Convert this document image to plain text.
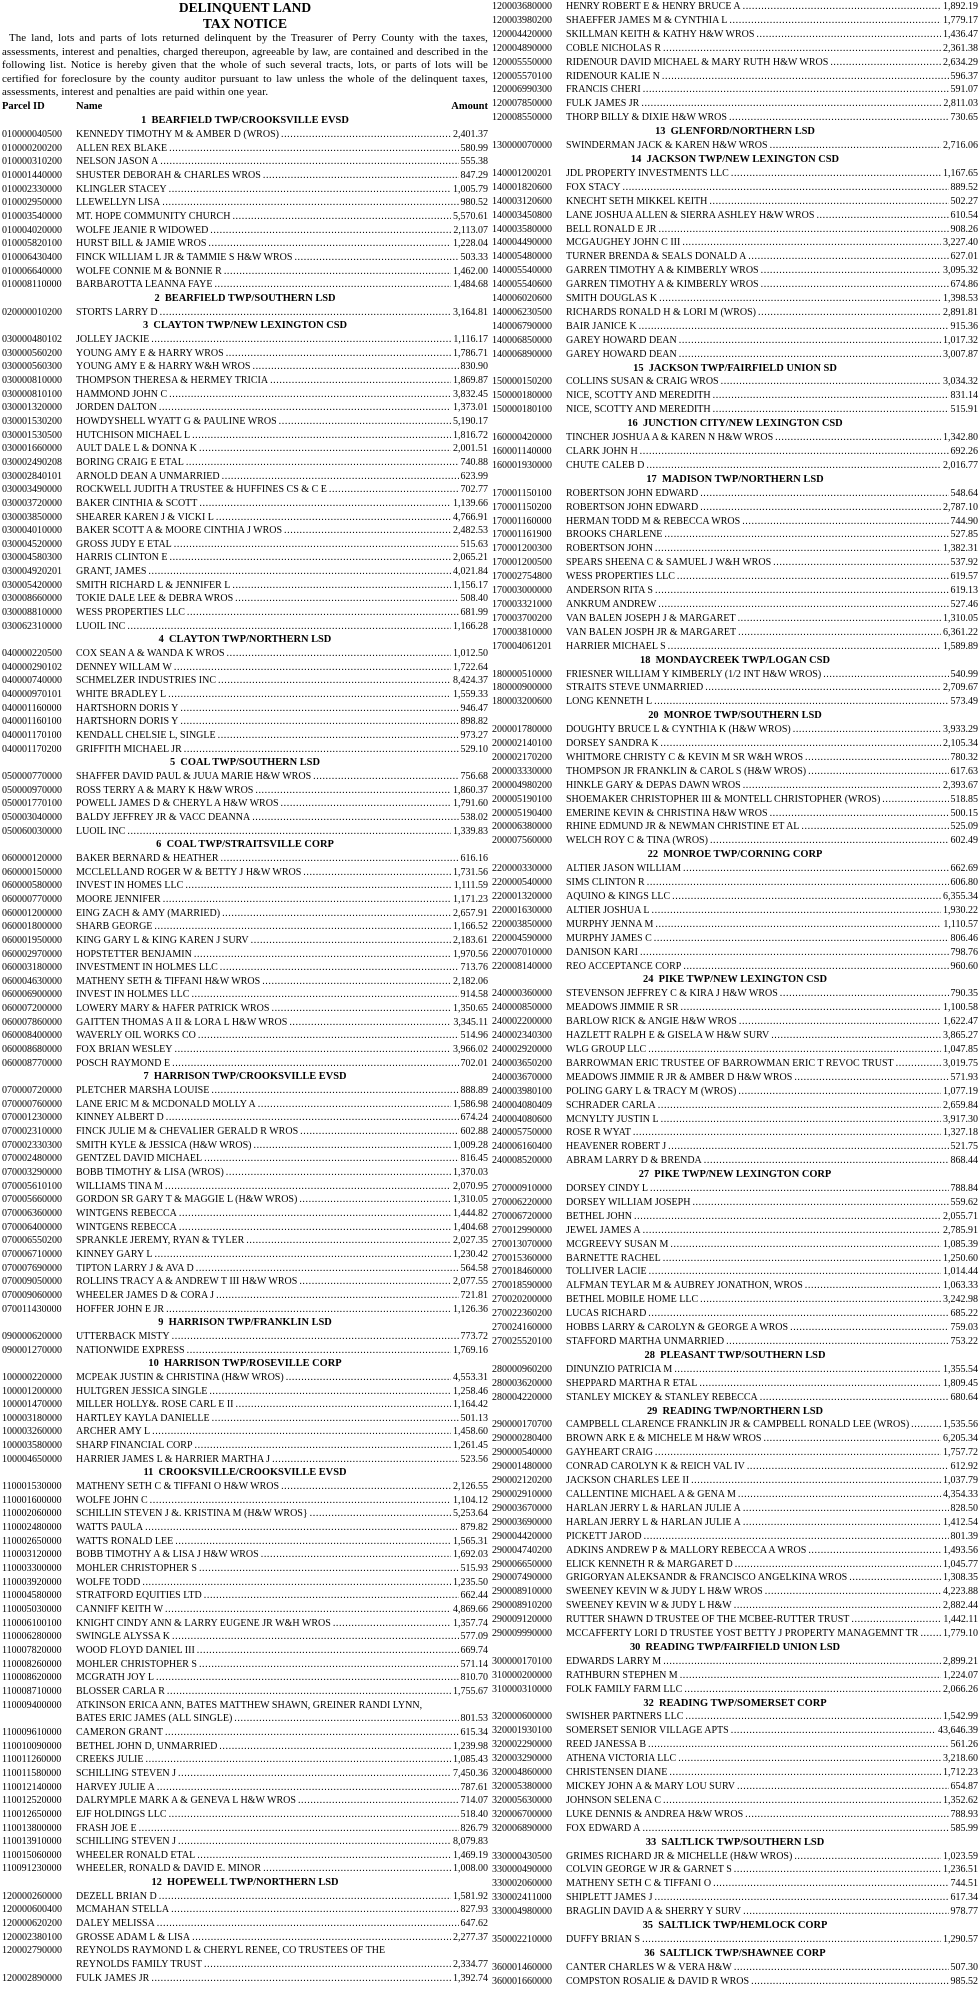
DELINQUENT LAND
TAX NOTICE
The land, lots and parts of lots returned delinquent by the Treasurer of Perry County with the taxes, assessments, interest and penalties, charged thereupon, agreeable by law, are contained and described in the following list. Notice is hereby given that the whole of such several tracts, lots, or parts of lots will be certified for foreclosure by the county auditor pursuant to law unless the whole of the delinquent taxes, assessments, interest and penalties are paid within one year.
Parcel ID	Name	Amount
1  BEARFIELD TWP/CROOKSVILLE EVSD
010000040500	KENNEDY TIMOTHY M & AMBER D (WROS) .....	2,401.37
010000200200	ALLEN REX BLAKE .....	580.99
010000310200	NELSON JASON A .....	555.38
010001440000	SHUSTER DEBORAH & CHARLES WROS .....	847.29
010002330000	KLINGLER STACEY .....	1,005.79
010002950000	LLEWELLYN LISA .....	980.52
010003540000	MT. HOPE COMMUNITY CHURCH .....	5,570.61
010004020000	WOLFE JEANIE R WIDOWED .....	2,113.07
010005820100	HURST BILL & JAMIE WROS .....	1,228.04
010006430400	FINCK WILLIAM L JR & TAMMIE S H&W WROS .....	503.33
010006640000	WOLFE CONNIE M & BONNIE R .....	1,462.00
010008110000	BARBAROTTA LEANNA FAYE .....	1,484.68
2  BEARFIELD TWP/SOUTHERN LSD
020000010200	STORTS LARRY D .....	3,164.81
3  CLAYTON TWP/NEW LEXINGTON CSD
030000480102	JOLLEY JACKIE .....	1,116.17
030000560200	YOUNG AMY E & HARRY WROS .....	1,786.71
030000560300	YOUNG AMY E & HARRY W&H WROS .....	830.90
030000810000	THOMPSON THERESA & HERMEY TRICIA .....	1,869.87
030000810100	HAMMOND JOHN C .....	3,832.45
030001320000	JORDEN DALTON .....	1,373.01
030001530200	HOWDYSHELL WYATT G & PAULINE WROS .....	5,190.17
030001530500	HUTCHISON MICHAEL L .....	1,816.72
030001660000	AULT DALE L & DONNA K .....	2,001.51
030002490208	BORING CRAIG E ETAL .....	740.88
030002840101	ARNOLD DEAN A UNMARRIED .....	623.99
030003490000	ROCKWELL JUDITH A TRUSTEE & HUFFINES CS & C E .....	702.77
030003720000	BAKER CINTHIA & SCOTT .....	1,139.66
030003850000	SHEARER KAREN J & VICKI L .....	4,766.91
030004010000	BAKER SCOTT A & MOORE CINTHIA J WROS .....	2,482.53
030004520000	GROSS JUDY E ETAL .....	515.63
030004580300	HARRIS CLINTON E .....	2,065.21
030004920201	GRANT, JAMES .....	4,021.84
030005420000	SMITH RICHARD L & JENNIFER L .....	1,156.17
030008660000	TOKIE DALE LEE & DEBRA WROS .....	508.40
030008810000	WESS PROPERTIES LLC .....	681.99
030062310000	LUOIL INC .....	1,166.28
4  CLAYTON TWP/NORTHERN LSD
040000220500	COX SEAN A & WANDA K WROS .....	1,012.50
040000290102	DENNEY WILLAM W .....	1,722.64
040000740000	SCHMELZER INDUSTRIES INC .....	8,424.37
040000970101	WHITE BRADLEY L .....	1,559.33
040001160000	HARTSHORN DORIS Y .....	946.47
040001160100	HARTSHORN DORIS Y .....	898.82
040001170100	KENDALL CHELSIE L, SINGLE .....	973.27
040001170200	GRIFFITH MICHAEL JR .....	529.10
5  COAL TWP/SOUTHERN LSD
050000770000	SHAFFER DAVID PAUL & JUUA MARIE H&W WROS .....	756.68
050000970000	ROSS TERRY A & MARY K H&W WROS .....	1,860.37
050001770100	POWELL JAMES D & CHERYL A H&W WROS .....	1,791.60
050003040000	BALDY JEFFREY JR & VACC DEANNA .....	538.02
050060030000	LUOIL INC .....	1,339.83
6  COAL TWP/STRAITSVILLE CORP
060000120000	BAKER BERNARD & HEATHER .....	616.16
060000150000	MCCLELLAND ROGER W & BETTY J H&W WROS .....	1,731.56
060000580000	INVEST IN HOMES LLC .....	1,111.59
060000770000	MOORE JENNIFER .....	1,171.23
060001200000	EING ZACH & AMY (MARRIED) .....	2,657.91
060001800000	SHARB GEORGE .....	1,166.52
060001950000	KING GARY L & KING KAREN J SURV .....	2,183.61
060002970000	HOPSTETTER BENJAMIN .....	1,970.56
060003180000	INVESTMENT IN HOLMES LLC .....	713.76
060004630000	MATHENY SETH & TIFFANI H&W WROS .....	2,182.06
060006900000	INVEST IN HOLMES LLC .....	914.58
060007200000	LOWERY MARY & HAFER PATRICK WROS .....	1,350.65
060007860000	GAITTEN THOMAS A II & LORA L H&W WROS .....	3,345.11
060008400000	WAVERLY OIL WORKS CO .....	514.96
060008680000	FOX BRIAN WESLEY .....	3,966.02
060008770000	POSCH RAYMOND E .....	702.01
7  HARRISON TWP/CROOKSVILLE EVSD
070000720000	PLETCHER MARSHA LOUISE .....	888.89
070000760000	LANE ERIC M & MCDONALD MOLLY A .....	1,586.98
070001230000	KINNEY ALBERT D .....	674.24
070002310000	FINCK JULIE M & CHEVALIER GERALD R WROS .....	602.88
070002330300	SMITH KYLE & JESSICA (H&W WROS) .....	1,009.28
070002480000	GENTZEL DAVID MICHAEL .....	816.45
070003290000	BOBB TIMOTHY & LISA (WROS) .....	1,370.03
070005610100	WILLIAMS TINA M .....	2,070.95
070005660000	GORDON SR GARY T & MAGGIE L (H&W WROS) .....	1,310.05
070006360000	WINTGENS REBECCA .....	1,444.82
070006400000	WINTGENS REBECCA .....	1,404.68
070006550200	SPRANKLE JEREMY, RYAN & TYLER .....	2,027.35
070006710000	KINNEY GARY L .....	1,230.42
070007690000	TIPTON LARRY J & AVA D .....	564.58
070009050000	ROLLINS TRACY A & ANDREW T III H&W WROS .....	2,077.55
070009060000	WHEELER JAMES D & CORA J .....	721.81
070011430000	HOFFER JOHN E JR .....	1,126.36
9  HARRISON TWP/FRANKLIN LSD
090000620000	UTTERBACK MISTY .....	773.72
090001270000	NATIONWIDE EXPRESS .....	1,769.16
10  HARRISON TWP/ROSEVILLE CORP
100000220000	MCPEAK JUSTIN & CHRISTINA (H&W WROS) .....	4,553.31
100001200000	HULTGREN JESSICA SINGLE .....	1,258.46
100001470000	MILLER HOLLY&. ROSE CARL E II .....	1,164.42
100003180000	HARTLEY KAYLA DANIELLE .....	501.13
100003260000	ARCHER AMY L .....	1,458.60
100003580000	SHARP FINANCIAL CORP .....	1,261.45
100004650000	HARRIER JAMES L & HARRIER MARTHA J .....	523.56
11  CROOKSVILLE/CROOKSVILLE EVSD
110001530000	MATHENY SETH C & TIFFANI O H&W WROS .....	2,126.55
110001600000	WOLFE JOHN C .....	1,104.12
110002060000	SCHILLIN STEVEN J &. KRISTINA M (H&W WROS} .....	5,253.64
110002480000	WATTS PAULA .....	879.82
110002650000	WATTS RONALD LEE .....	1,565.31
110003120000	BOBB TIMOTHY A & LISA J H&W WROS .....	1,692.03
110003300000	MOHLER CHRISTOPHER S .....	515.93
110003920000	WOLFE TODD .....	1,235.50
110004580000	STRATFORD EQUITIES LTD .....	662.44
110005030000	CANNIFF KEITH W .....	4,869.66
110006100100	KNIGHT CINDY ANN & LARRY EUGENE JR W&H WROS .....	1,357.74
110006280000	SWINGLE ALYSSA K .....	577.09
110007820000	WOOD FLOYD DANIEL III .....	669.74
110008260000	MOHLER CHRISTOPHER S .....	571.14
110008620000	MCGRATH JOY L .....	810.70
110008710000	BLOSSER CARLA R .....	1,755.67
110009400000	ATKINSON ERICA ANN, BATES MATTHEW SHAWN, GREINER RANDI LYNN,
BATES ERIC JAMES (ALL SINGLE) .....	801.53
110009610000	CAMERON GRANT .....	615.34
110010090000	BETHEL JOHN D, UNMARRIED .....	1,239.98
110011260000	CREEKS JULIE .....	1,085.43
110011580000	SCHILLING STEVEN J .....	7,450.36
110012140000	HARVEY JULIE A .....	787.61
110012520000	DALRYMPLE MARK A & GENEVA L H&W WROS .....	714.07
110012650000	EJF HOLDINGS LLC .....	518.40
110013800000	FRASH JOE E .....	826.79
110013910000	SCHILLING STEVEN J .....	8,079.83
110015060000	WHEELER RONALD ETAL .....	1,469.19
110091230000	WHEELER, RONALD & DAVID E. MINOR .....	1,008.00
12  HOPEWELL TWP/NORTHERN LSD
120000260000	DEZELL BRIAN D .....	1,581.92
120000600400	MCMAHAN STELLA .....	827.93
120000620200	DALEY MELISSA .....	647.62
120002380100	GROSSE ADAM L & LISA .....	2,277.37
120002790000	REYNOLDS RAYMOND L & CHERYL RENEE, CO TRUSTEES OF THE
REYNOLDS FAMILY TRUST .....	2,334.77
120002890000	FULK JAMES JR .....	1,392.74
120003680000	HENRY ROBERT E & HENRY BRUCE A .....	1,892.19
120003980200	SHAEFFER JAMES M & CYNTHIA L .....	1,779.17
120004420000	SKILLMAN KEITH & KATHY H&W WROS .....	1,436.47
120004890000	COBLE NICHOLAS R .....	2,361.38
120005550000	RIDENOUR DAVID MICHAEL & MARY RUTH H&W WROS .....	2,634.29
120005570100	RIDENOUR KALIE N .....	596.37
120006990300	FRANCIS CHERI .....	591.07
120007850000	FULK JAMES JR .....	2,811.03
120008550000	THORP BILLY & DIXIE H&W WROS .....	730.65
13  GLENFORD/NORTHERN LSD
130000070000	SWINDERMAN JACK & KAREN H&W WROS .....	2,716.06
14  JACKSON TWP/NEW LEXINGTON CSD
140001200201	JDL PROPERTY INVESTMENTS LLC .....	1,167.65
140001820600	FOX STACY .....	889.52
140003120600	KNECHT SETH MIKKEL KEITH .....	502.27
140003450800	LANE JOSHUA ALLEN & SIERRA ASHLEY H&W WROS .....	610.54
140003580000	BELL RONALD E JR .....	908.26
140004490000	MCGAUGHEY JOHN C III .....	3,227.40
140005480000	TURNER BRENDA & SEALS DONALD A .....	627.01
140005540000	GARREN TIMOTHY A & KIMBERLY WROS .....	3,095.32
140005540600	GARREN TIMOTHY A & KIMBERLY WROS .....	674.86
140006020600	SMITH DOUGLAS K .....	1,398.53
140006230500	RICHARDS RONALD H & LORI M (WROS) .....	2,891.81
140006790000	BAIR JANICE K .....	915.36
140006850000	GAREY HOWARD DEAN .....	1,017.32
140006890000	GAREY HOWARD DEAN .....	3,007.87
15  JACKSON TWP/FAIRFIELD UNION SD
150000150200	COLLINS SUSAN & CRAIG WROS .....	3,034.32
150000180000	NICE, SCOTTY AND MEREDITH .....	831.14
150000180100	NICE, SCOTTY AND MEREDITH .....	515.91
16  JUNCTION CITY/NEW LEXINGTON CSD
160000420000	TINCHER JOSHUA A & KAREN N H&W WROS .....	1,342.80
160001140000	CLARK JOHN H .....	692.26
160001930000	CHUTE CALEB D .....	2,016.77
17  MADISON TWP/NORTHERN LSD
170001150100	ROBERTSON JOHN EDWARD .....	548.64
170001150200	ROBERTSON JOHN EDWARD .....	2,787.10
170001160000	HERMAN TODD M & REBECCA WROS .....	744.90
170001161900	BROOKS CHARLENE .....	527.85
170001200300	ROBERTSON JOHN .....	1,382.31
170001200500	SPEARS SHEENA C & SAMUEL J W&H WROS .....	537.92
170002754800	WESS PROPERTIES LLC .....	619.57
170003000000	ANDERSON RITA S .....	619.13
170003321000	ANKRUM ANDREW .....	527.46
170003700200	VAN BALEN JOSEPH J & MARGARET .....	1,310.05
170003810000	VAN BALEN JOSPH JR & MARGARET .....	6,361.22
170004061201	HARRIER MICHAEL S .....	1,589.89
18  MONDAYCREEK TWP/LOGAN CSD
180000510000	FRIESNER WILLIAM Y KIMBERLY (1/2 INT H&W WROS) .....	540.99
180000900000	STRAITS STEVE UNMARRIED .....	2,709.67
180003200600	LONG KENNETH L .....	573.49
20  MONROE TWP/SOUTHERN LSD
200001780000	DOUGHTY BRUCE L & CYNTHIA K (H&W WROS) .....	3,933.29
200002140100	DORSEY SANDRA K .....	2,105.34
200002170200	WHITMORE CHRISTY C & KEVIN M SR W&H WROS .....	780.32
200003330000	THOMPSON JR FRANKLIN & CAROL S (H&W WROS) .....	617.63
200004980200	HINKLE GARY & DEPAS DAWN WROS .....	2,393.67
200005190100	SHOEMAKER CHRISTOPHER III & MONTELL CHRISTOPHER (WROS) .....	518.85
200005190400	EMERINE KEVIN & CHRISTINA H&W WROS .....	500.15
200006380000	RHINE EDMUND JR & NEWMAN CHRISTINE ET AL .....	525.09
200007560000	WELCH ROY C & TINA (WROS) .....	602.49
22  MONROE TWP/CORNING CORP
220000330000	ALTIER JASON WILLIAM .....	662.69
220000540000	SIMS CLINTON R .....	606.80
220001320000	AQUINO & KINGS LLC .....	6,355.34
220001630000	ALTIER JOSHUA L .....	1,930.22
220003850000	MURPHY JENNA M .....	1,110.57
220004590000	MURPHY JAMES C .....	806.46
220007010000	DANISON KARI .....	798.76
220008140000	REO ACCEPTANCE CORP .....	960.60
24  PIKE TWP/NEW LEXINGTON CSD
240000360000	STEVENSON JEFFREY C & KIRA J H&W WROS .....	790.35
240000850000	MEADOWS JIMMIE R SR .....	1,100.58
240002200000	BARLOW RICK & ANGIE H&W WROS .....	1,622.47
240002340300	HAZLETT RALPH E & GISELA W H&W SURV .....	3,865.27
240002920000	WLG GROUP LLC .....	1,047.85
240003650200	BARROWMAN ERIC TRUSTEE OF BARROWMAN ERIC T REVOC TRUST .....	3,019.75
240003670000	MEADOWS JIMMIE R JR & AMBER D H&W WROS .....	571.93
240003980100	POLING GARY L & TRACY M (WROS) .....	1,077.19
240004080409	SCHRADER CARLA .....	2,659.84
240004080600	MCNYLTY JUSTIN L .....	3,917.30
240005750000	ROSE R WYAT .....	1,327.18
240006160400	HEAVENER ROBERT J .....	521.75
240008520000	ABRAM LARRY D & BRENDA .....	868.44
27  PIKE TWP/NEW LEXINGTON CORP
270000910000	DORSEY CINDY L .....	788.84
270006220000	DORSEY WILLIAM JOSEPH .....	559.62
270006720000	BETHEL JOHN .....	2,055.71
270012990000	JEWEL JAMES A .....	2,785.91
270013070000	MCGREEVY SUSAN M .....	1,085.39
270015360000	BARNETTE RACHEL .....	1,250.60
270018460000	TOLLIVER LACIE .....	1,014.44
270018590000	ALFMAN TEYLAR M & AUBREY JONATHON, WROS .....	1,063.33
270020200000	BETHEL MOBILE HOME LLC .....	3,242.98
270022360200	LUCAS RICHARD .....	685.22
270024160000	HOBBS LARRY & CAROLYN & GEORGE A WROS .....	759.03
270025520100	STAFFORD MARTHA UNMARRIED .....	753.22
28  PLEASANT TWP/SOUTHERN LSD
280000960200	DINUNZIO PATRICIA M .....	1,355.54
280003620000	SHEPPARD MARTHA R ETAL .....	1,809.45
280004220000	STANLEY MICKEY & STANLEY REBECCA .....	680.64
29  READING TWP/NORTHERN LSD
290000170700	CAMPBELL CLARENCE FRANKLIN JR & CAMPBELL RONALD LEE (WROS) .....	1,535.56
290000280400	BROWN ARK E & MICHELE M H&W WROS .....	6,205.34
290000540000	GAYHEART CRAIG .....	1,757.72
290001480000	CONRAD CAROLYN K & REICH VAL IV .....	612.92
290002120200	JACKSON CHARLES LEE II .....	1,037.79
290002910000	CALLENTINE MICHAEL A & GENA M .....	4,354.33
290003670000	HARLAN JERRY L & HARLAN JULIE A .....	828.50
290003690000	HARLAN JERRY L & HARLAN JULIE A .....	1,412.54
290004420000	PICKETT JAROD .....	801.39
290004740200	ADKINS ANDREW P & MALLORY REBECCA A WROS .....	1,493.56
290006650000	ELICK KENNETH R & MARGARET D .....	1,045.77
290007490000	GRIGORYAN ALEKSANDR & FRANCISCO ANGELKINA WROS .....	1,308.35
290008910000	SWEENEY KEVIN W & JUDY L H&W WROS .....	4,223.88
290008910200	SWEENEY KEVIN W & JUDY L H&W .....	2,882.44
290009120000	RUTTER SHAWN D TRUSTEE OF THE MCBEE-RUTTER TRUST .....	1,442.11
290009990000	MCCAFFERTY LORI D TRUSTEE YOST BETTY J PROPERTY MANAGEMNT TR ..... 1,779.10
30  READING TWP/FAIRFIELD UNION LSD
300000170100	EDWARDS LARRY M .....	2,899.21
310000200000	RATHBURN STEPHEN M .....	1,224.07
310000310000	FOLK FAMILY FARM LLC .....	2,066.26
32  READING TWP/SOMERSET CORP
320000600000	SWISHER PARTNERS LLC .....	1,542.99
320001930100	SOMERSET SENIOR VILLAGE APTS .....	43,646.39
320002290000	REED JANESSA B .....	561.26
320003290000	ATHENA VICTORIA LLC .....	3,218.60
320004860000	CHRISTENSEN DIANE .....	1,712.23
320005380000	MICKEY JOHN A & MARY LOU SURV .....	654.87
320005630000	JOHNSON SELENA C .....	1,352.62
320006700000	LUKE DENNIS & ANDREA H&W WROS .....	788.93
320006890000	FOX EDWARD A .....	585.99
33  SALTLICK TWP/SOUTHERN LSD
330000430500	GRIMES RICHARD JR & MICHELLE (H&W WROS) .....	1,023.59
330000490000	COLVIN GEORGE W JR & GARNET S .....	1,236.51
330002060000	MATHENY SETH C & TIFFANI O .....	744.51
330002411000	SHIPLETT JAMES J .....	617.34
330004980000	BRAGLIN DAVID A & SHERRY Y SURV .....	978.77
35  SALTLICK TWP/HEMLOCK CORP
350002210000	DUFFY BRIAN S .....	1,290.57
36  SALTLICK TWP/SHAWNEE CORP
360001460000	CANTER CHARLES W & VERA H&W .....	507.30
360001660000	COMPSTON ROSALIE & DAVID R WROS .....	985.52
